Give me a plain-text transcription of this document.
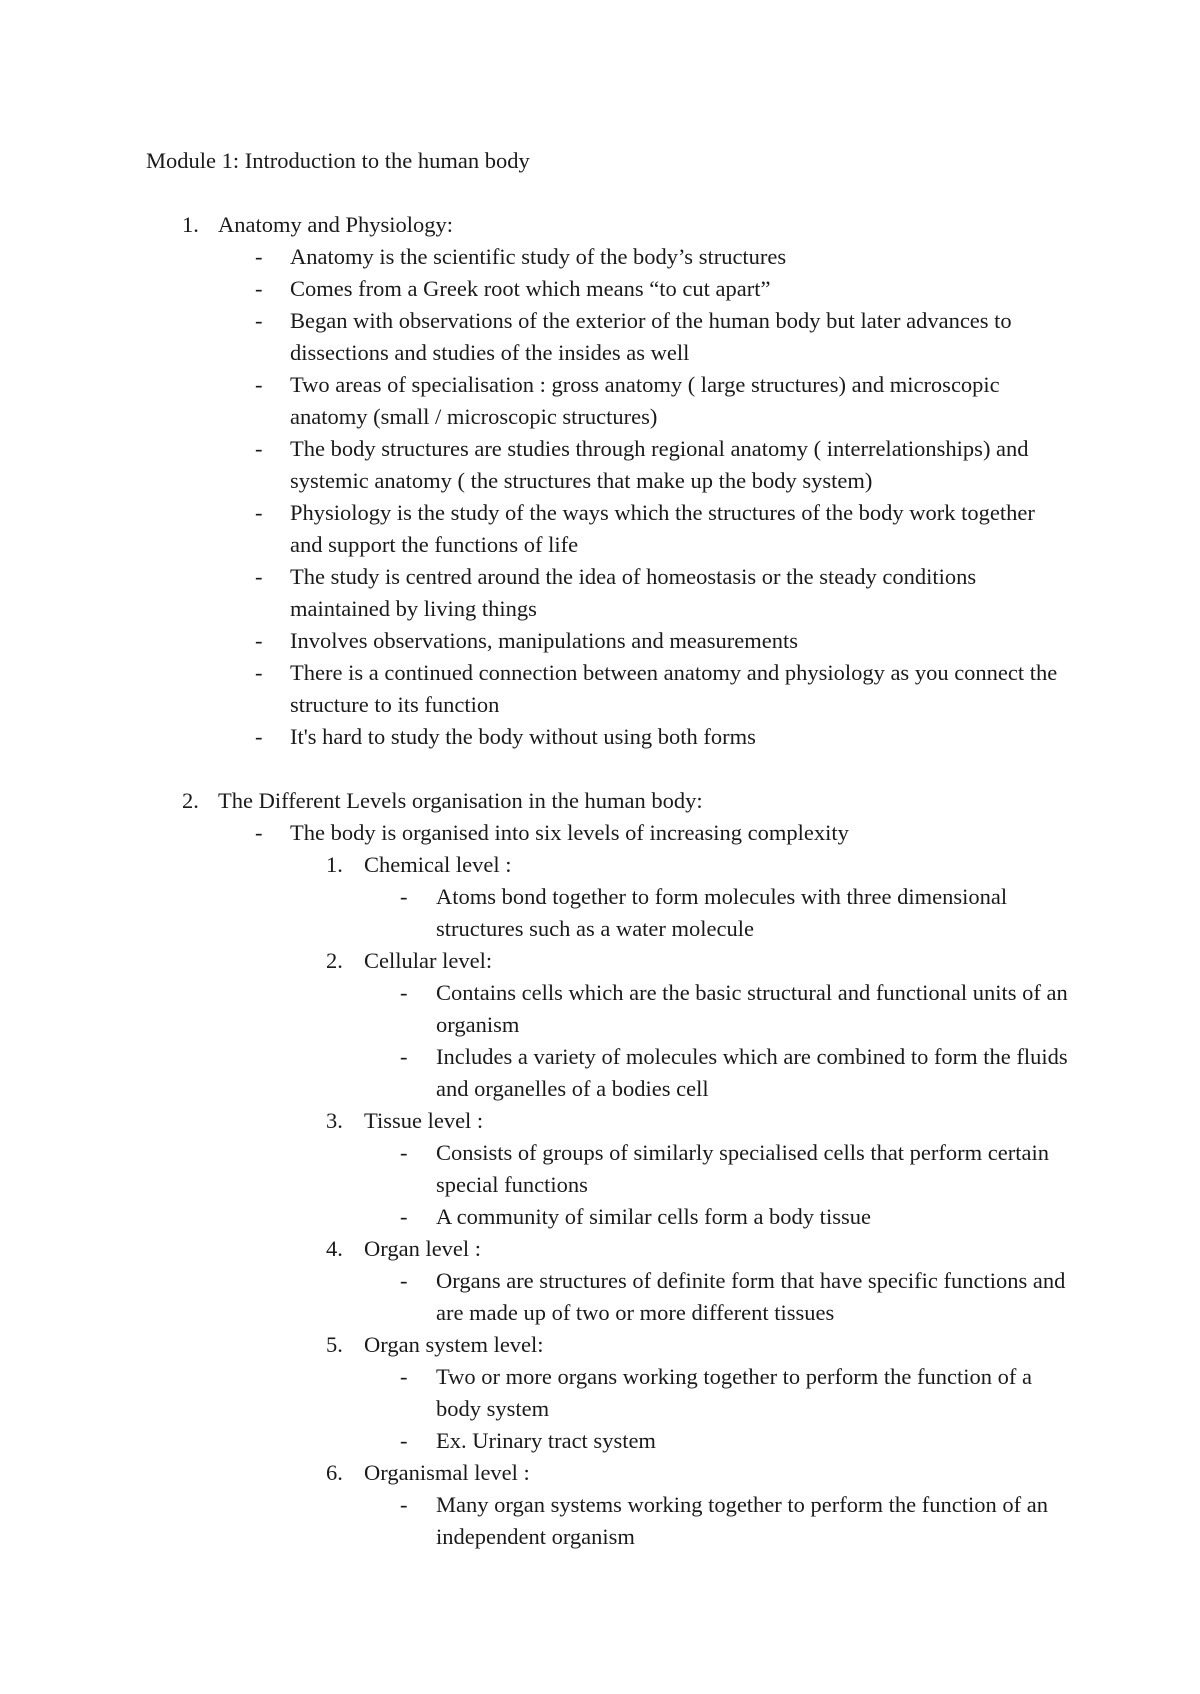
Module 1: Introduction to the human body
1. Anatomy and Physiology:
- Anatomy is the scientific study of the body’s structures
- Comes from a Greek root which means “to cut apart”
- Began with observations of the exterior of the human body but later advances to dissections and studies of the insides as well
- Two areas of specialisation : gross anatomy ( large structures) and microscopic anatomy (small / microscopic structures)
- The body structures are studies through regional anatomy ( interrelationships) and systemic anatomy ( the structures that make up the body system)
- Physiology is the study of the ways which the structures of the body work together and support the functions of life
- The study is centred around the idea of homeostasis or the steady conditions maintained by living things
- Involves observations, manipulations and measurements
- There is a continued connection between anatomy and physiology as you connect the structure to its function
- It's hard to study the body without using both forms
2. The Different Levels organisation in the human body:
- The body is organised into six levels of increasing complexity
1. Chemical level :
- Atoms bond together to form molecules with three dimensional structures such as a water molecule
2. Cellular level:
- Contains cells which are the basic structural and functional units of an organism
- Includes a variety of molecules which are combined to form the fluids and organelles of a bodies cell
3. Tissue level :
- Consists of groups of similarly specialised cells that perform certain special functions
- A community of similar cells form a body tissue
4. Organ level :
- Organs are structures of definite form that have specific functions and are made up of two or more different tissues
5. Organ system level:
- Two or more organs working together to perform the function of a body system
- Ex. Urinary tract system
6. Organismal level :
- Many organ systems working together to perform the function of an independent organism
